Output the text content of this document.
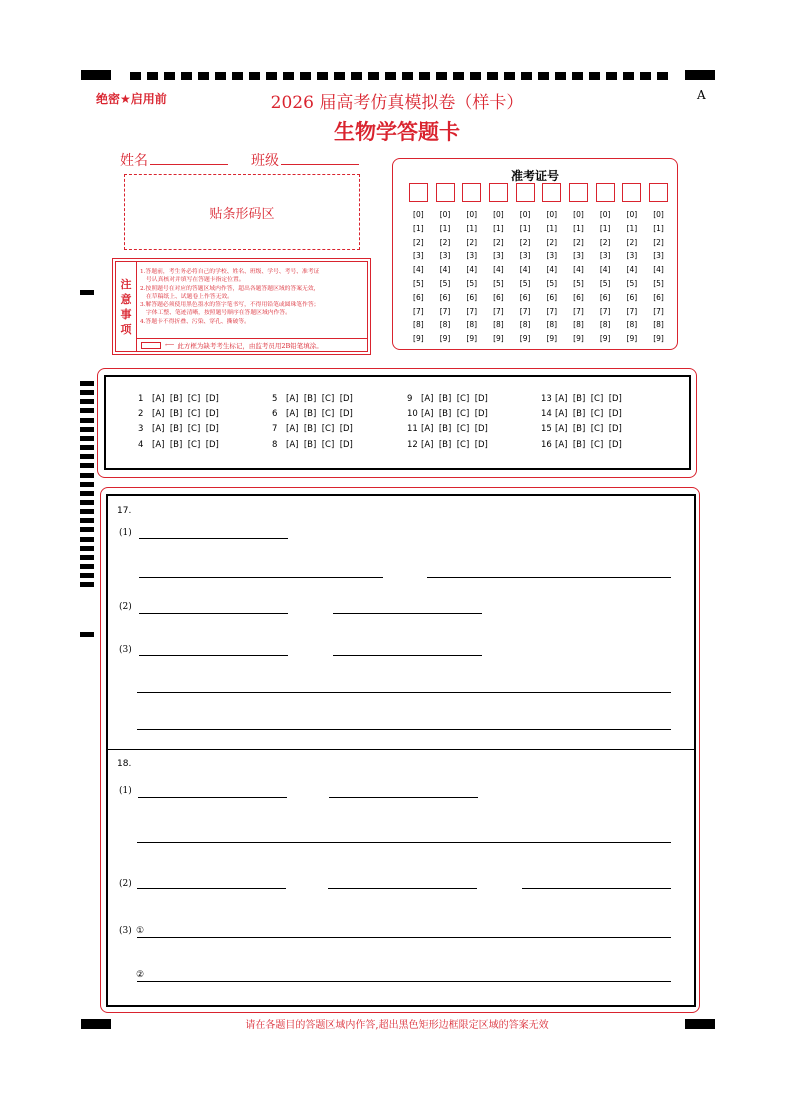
绝密★启用前	2026 届高考仿真模拟卷（样卡）
生物学答题卡
A
姓名	班级
贴条形码区
注
意
事
项
1.答题前，考生务必将自己的学校、姓名、班级、学号、考号、准考证
号认真核对并填写在答题卡指定位置。
2.按照题号在对应的答题区域内作答，超出各题答题区域的答案无效，
在草稿纸上、试题卷上作答无效。
3.解答题必须使用黑色墨水的签字笔书写，不得用铅笔或圆珠笔作答；
字体工整、笔迹清晰，按照题号顺序在答题区域内作答。
4.答题卡不得折叠、污染、穿孔、撕破等。
⟵ 此方框为缺考考生标记，由监考员用2B铅笔填涂。
准考证号
[0]
[1]
[2]
[3]
[4]
[5]
[6]
[7]
[8]
[9]
[0]
[1]
[2]
[3]
[4]
[5]
[6]
[7]
[8]
[9]
[0]
[1]
[2]
[3]
[4]
[5]
[6]
[7]
[8]
[9]
[0]
[1]
[2]
[3]
[4]
[5]
[6]
[7]
[8]
[9]
[0]
[1]
[2]
[3]
[4]
[5]
[6]
[7]
[8]
[9]
[0]
[1]
[2]
[3]
[4]
[5]
[6]
[7]
[8]
[9]
[0]
[1]
[2]
[3]
[4]
[5]
[6]
[7]
[8]
[9]
[0]
[1]
[2]
[3]
[4]
[5]
[6]
[7]
[8]
[9]
[0]
[1]
[2]
[3]
[4]
[5]
[6]
[7]
[8]
[9]
[0]
[1]
[2]
[3]
[4]
[5]
[6]
[7]
[8]
[9]
1 [A]  [B]  [C]  [D]
2 [A]  [B]  [C]  [D]
3 [A]  [B]  [C]  [D]
4 [A]  [B]  [C]  [D]
5 [A]  [B]  [C]  [D]
6 [A]  [B]  [C]  [D]
7 [A]  [B]  [C]  [D]
8 [A]  [B]  [C]  [D]
9 [A]  [B]  [C]  [D]
10 [A]  [B]  [C]  [D]
11 [A]  [B]  [C]  [D]
12 [A]  [B]  [C]  [D]
13 [A]  [B]  [C]  [D]
14 [A]  [B]  [C]  [D]
15 [A]  [B]  [C]  [D]
16 [A]  [B]  [C]  [D]
17.
(1)
(2)
(3)
18.
(1)
(2)
(3) ①
②
请在各题目的答题区域内作答,超出黑色矩形边框限定区域的答案无效
